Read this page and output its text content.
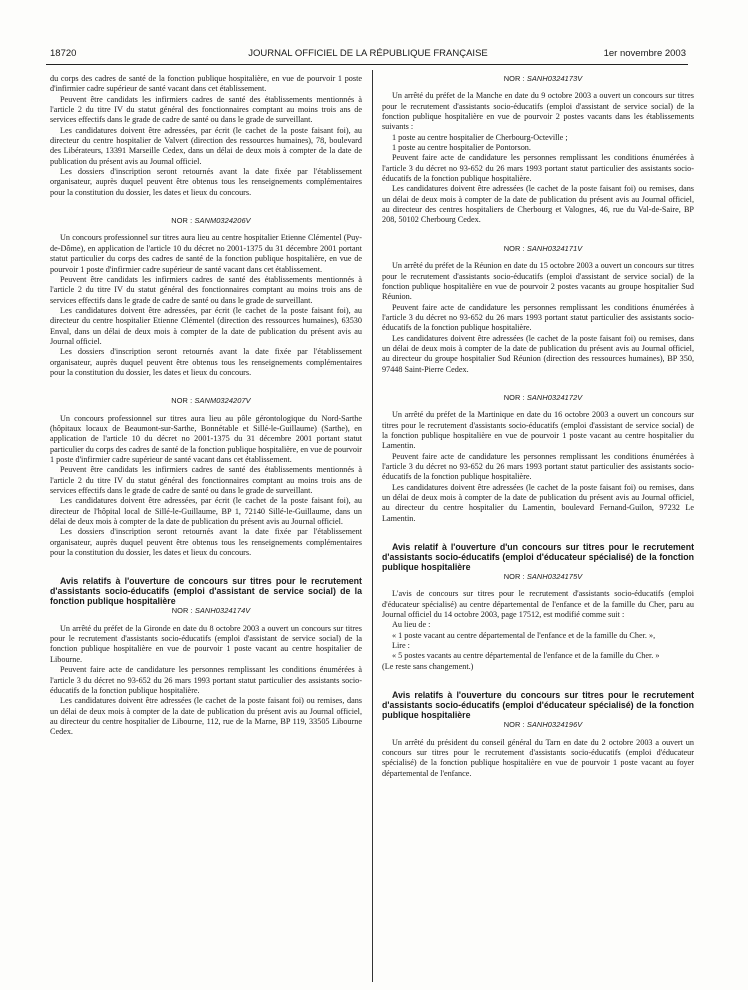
18720	JOURNAL OFFICIEL DE LA RÉPUBLIQUE FRANÇAISE	1er novembre 2003

du corps des cadres de santé de la fonction publique hospitalière, en vue de pourvoir 1 poste d'infirmier cadre supérieur de santé vacant dans cet établissement.

Peuvent être candidats les infirmiers cadres de santé des établissements mentionnés à l'article 2 du titre IV du statut général des fonctionnaires comptant au moins trois ans de services effectifs dans le grade de cadre de santé ou dans le grade de surveillant.

Les candidatures doivent être adressées, par écrit (le cachet de la poste faisant foi), au directeur du centre hospitalier de Valvert (direction des ressources humaines), 78, boulevard des Libérateurs, 13391 Marseille Cedex, dans un délai de deux mois à compter de la date de publication du présent avis au Journal officiel.

Les dossiers d'inscription seront retournés avant la date fixée par l'établissement organisateur, auprès duquel peuvent être obtenus tous les renseignements complémentaires pour la constitution du dossier, les dates et lieux du concours.

NOR : SANM0324206V

Un concours professionnel sur titres aura lieu au centre hospitalier Etienne Clémentel (Puy-de-Dôme), en application de l'article 10 du décret no 2001-1375 du 31 décembre 2001 portant statut particulier du corps des cadres de santé de la fonction publique hospitalière, en vue de pourvoir 1 poste d'infirmier cadre supérieur de santé vacant dans cet établissement.

Peuvent être candidats les infirmiers cadres de santé des établissements mentionnés à l'article 2 du titre IV du statut général des fonctionnaires comptant au moins trois ans de services effectifs dans le grade de cadre de santé ou dans le grade de surveillant.

Les candidatures doivent être adressées, par écrit (le cachet de la poste faisant foi), au directeur du centre hospitalier Etienne Clémentel (direction des ressources humaines), 63530 Enval, dans un délai de deux mois à compter de la date de publication du présent avis au Journal officiel.

Les dossiers d'inscription seront retournés avant la date fixée par l'établissement organisateur, auprès duquel peuvent être obtenus tous les renseignements complémentaires pour la constitution du dossier, les dates et lieux du concours.

NOR : SANM0324207V

Un concours professionnel sur titres aura lieu au pôle gérontologique du Nord-Sarthe (hôpitaux locaux de Beaumont-sur-Sarthe, Bonnétable et Sillé-le-Guillaume) (Sarthe), en application de l'article 10 du décret no 2001-1375 du 31 décembre 2001 portant statut particulier du corps des cadres de santé de la fonction publique hospitalière, en vue de pourvoir 1 poste d'infirmier cadre supérieur de santé vacant dans cet établissement.

Peuvent être candidats les infirmiers cadres de santé des établissements mentionnés à l'article 2 du titre IV du statut général des fonctionnaires comptant au moins trois ans de services effectifs dans le grade de cadre de santé ou dans le grade de surveillant.

Les candidatures doivent être adressées, par écrit (le cachet de la poste faisant foi), au directeur de l'hôpital local de Sillé-le-Guillaume, BP 1, 72140 Sillé-le-Guillaume, dans un délai de deux mois à compter de la date de publication du présent avis au Journal officiel.

Les dossiers d'inscription seront retournés avant la date fixée par l'établissement organisateur, auprès duquel peuvent être obtenus tous les renseignements complémentaires pour la constitution du dossier, les dates et lieux du concours.

Avis relatifs à l'ouverture de concours sur titres pour le recrutement d'assistants socio-éducatifs (emploi d'assistant de service social) de la fonction publique hospitalière

NOR : SANH0324174V

Un arrêté du préfet de la Gironde en date du 8 octobre 2003 a ouvert un concours sur titres pour le recrutement d'assistants socio-éducatifs (emploi d'assistant de service social) de la fonction publique hospitalière en vue de pourvoir 1 poste vacant au centre hospitalier de Libourne.

Peuvent faire acte de candidature les personnes remplissant les conditions énumérées à l'article 3 du décret no 93-652 du 26 mars 1993 portant statut particulier des assistants socio-éducatifs de la fonction publique hospitalière.

Les candidatures doivent être adressées (le cachet de la poste faisant foi) ou remises, dans un délai de deux mois à compter de la date de publication du présent avis au Journal officiel, au directeur du centre hospitalier de Libourne, 112, rue de la Marne, BP 119, 33505 Libourne Cedex.

NOR : SANH0324173V

Un arrêté du préfet de la Manche en date du 9 octobre 2003 a ouvert un concours sur titres pour le recrutement d'assistants socio-éducatifs (emploi d'assistant de service social) de la fonction publique hospitalière en vue de pourvoir 2 postes vacants dans les établissements suivants :

1 poste au centre hospitalier de Cherbourg-Octeville ;

1 poste au centre hospitalier de Pontorson.

Peuvent faire acte de candidature les personnes remplissant les conditions énumérées à l'article 3 du décret no 93-652 du 26 mars 1993 portant statut particulier des assistants socio-éducatifs de la fonction publique hospitalière.

Les candidatures doivent être adressées (le cachet de la poste faisant foi) ou remises, dans un délai de deux mois à compter de la date de publication du présent avis au Journal officiel, au directeur des centres hospitaliers de Cherbourg et Valognes, 46, rue du Val-de-Saire, BP 208, 50102 Cherbourg Cedex.

NOR : SANH0324171V

Un arrêté du préfet de la Réunion en date du 15 octobre 2003 a ouvert un concours sur titres pour le recrutement d'assistants socio-éducatifs (emploi d'assistant de service social) de la fonction publique hospitalière en vue de pourvoir 2 postes vacants au groupe hospitalier Sud Réunion.

Peuvent faire acte de candidature les personnes remplissant les conditions énumérées à l'article 3 du décret no 93-652 du 26 mars 1993 portant statut particulier des assistants socio-éducatifs de la fonction publique hospitalière.

Les candidatures doivent être adressées (le cachet de la poste faisant foi) ou remises, dans un délai de deux mois à compter de la date de publication du présent avis au Journal officiel, au directeur du groupe hospitalier Sud Réunion (direction des ressources humaines), BP 350, 97448 Saint-Pierre Cedex.

NOR : SANH0324172V

Un arrêté du préfet de la Martinique en date du 16 octobre 2003 a ouvert un concours sur titres pour le recrutement d'assistants socio-éducatifs (emploi d'assistant de service social) de la fonction publique hospitalière en vue de pourvoir 1 poste vacant au centre hospitalier du Lamentin.

Peuvent faire acte de candidature les personnes remplissant les conditions énumérées à l'article 3 du décret no 93-652 du 26 mars 1993 portant statut particulier des assistants socio-éducatifs de la fonction publique hospitalière.

Les candidatures doivent être adressées (le cachet de la poste faisant foi) ou remises, dans un délai de deux mois à compter de la date de publication du présent avis au Journal officiel, au directeur du centre hospitalier du Lamentin, boulevard Fernand-Guilon, 97232 Le Lamentin.

Avis relatif à l'ouverture d'un concours sur titres pour le recrutement d'assistants socio-éducatifs (emploi d'éducateur spécialisé) de la fonction publique hospitalière

NOR : SANH0324175V

L'avis de concours sur titres pour le recrutement d'assistants socio-éducatifs (emploi d'éducateur spécialisé) au centre départemental de l'enfance et de la famille du Cher, paru au Journal officiel du 14 octobre 2003, page 17512, est modifié comme suit :

Au lieu de :

« 1 poste vacant au centre départemental de l'enfance et de la famille du Cher. »,

Lire :

« 5 postes vacants au centre départemental de l'enfance et de la famille du Cher. »

(Le reste sans changement.)

Avis relatifs à l'ouverture du concours sur titres pour le recrutement d'assistants socio-éducatifs (emploi d'éducateur spécialisé) de la fonction publique hospitalière

NOR : SANH0324196V

Un arrêté du président du conseil général du Tarn en date du 2 octobre 2003 a ouvert un concours sur titres pour le recrutement d'assistants socio-éducatifs (emploi d'éducateur spécialisé) de la fonction publique hospitalière en vue de pourvoir 1 poste vacant au foyer départemental de l'enfance.
